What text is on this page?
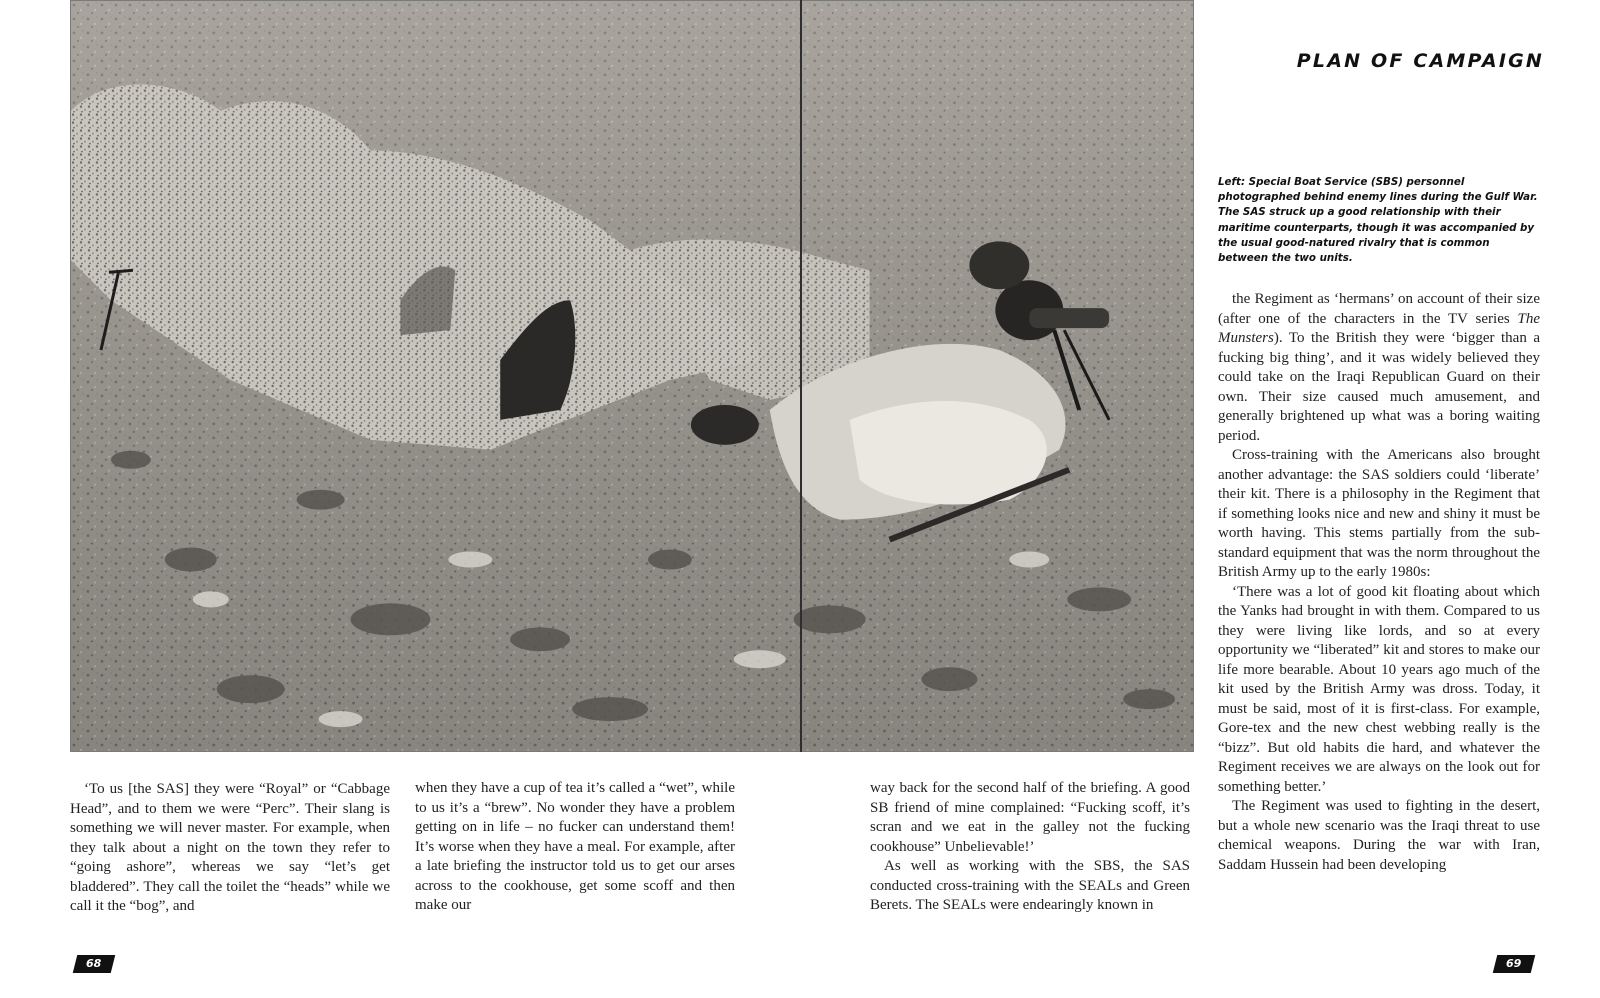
PLAN OF CAMPAIGN
Left: Special Boat Service (SBS) personnel photographed behind enemy lines during the Gulf War. The SAS struck up a good relationship with their maritime counterparts, though it was accompanied by the usual good-natured rivalry that is common between the two units.

‘To us [the SAS] they were “Royal” or “Cabbage Head”, and to them we were “Perc”. Their slang is something we will never master. For example, when they talk about a night on the town they refer to “going ashore”, whereas we say “let’s get bladdered”. They call the toilet the “heads” while we call it the “bog”, and

when they have a cup of tea it’s called a “wet”, while to us it’s a “brew”. No wonder they have a problem getting on in life – no fucker can understand them! It’s worse when they have a meal. For example, after a late briefing the instructor told us to get our arses across to the cookhouse, get some scoff and then make our

way back for the second half of the briefing. A good SB friend of mine complained: “Fucking scoff, it’s scran and we eat in the galley not the fucking cookhouse” Unbelievable!’

As well as working with the SBS, the SAS conducted cross-training with the SEALs and Green Berets. The SEALs were endearingly known in

the Regiment as ‘hermans’ on account of their size (after one of the characters in the TV series The Munsters). To the British they were ‘bigger than a fucking big thing’, and it was widely believed they could take on the Iraqi Republican Guard on their own. Their size caused much amusement, and generally brightened up what was a boring waiting period.

Cross-training with the Americans also brought another advantage: the SAS soldiers could ‘liberate’ their kit. There is a philosophy in the Regiment that if something looks nice and new and shiny it must be worth having. This stems partially from the sub-standard equipment that was the norm throughout the British Army up to the early 1980s:

‘There was a lot of good kit floating about which the Yanks had brought in with them. Compared to us they were living like lords, and so at every opportunity we “liberated” kit and stores to make our life more bearable. About 10 years ago much of the kit used by the British Army was dross. Today, it must be said, most of it is first-class. For example, Gore-tex and the new chest webbing really is the “bizz”. But old habits die hard, and whatever the Regiment receives we are always on the look out for something better.’

The Regiment was used to fighting in the desert, but a whole new scenario was the Iraqi threat to use chemical weapons. During the war with Iran, Saddam Hussein had been developing

68	69
